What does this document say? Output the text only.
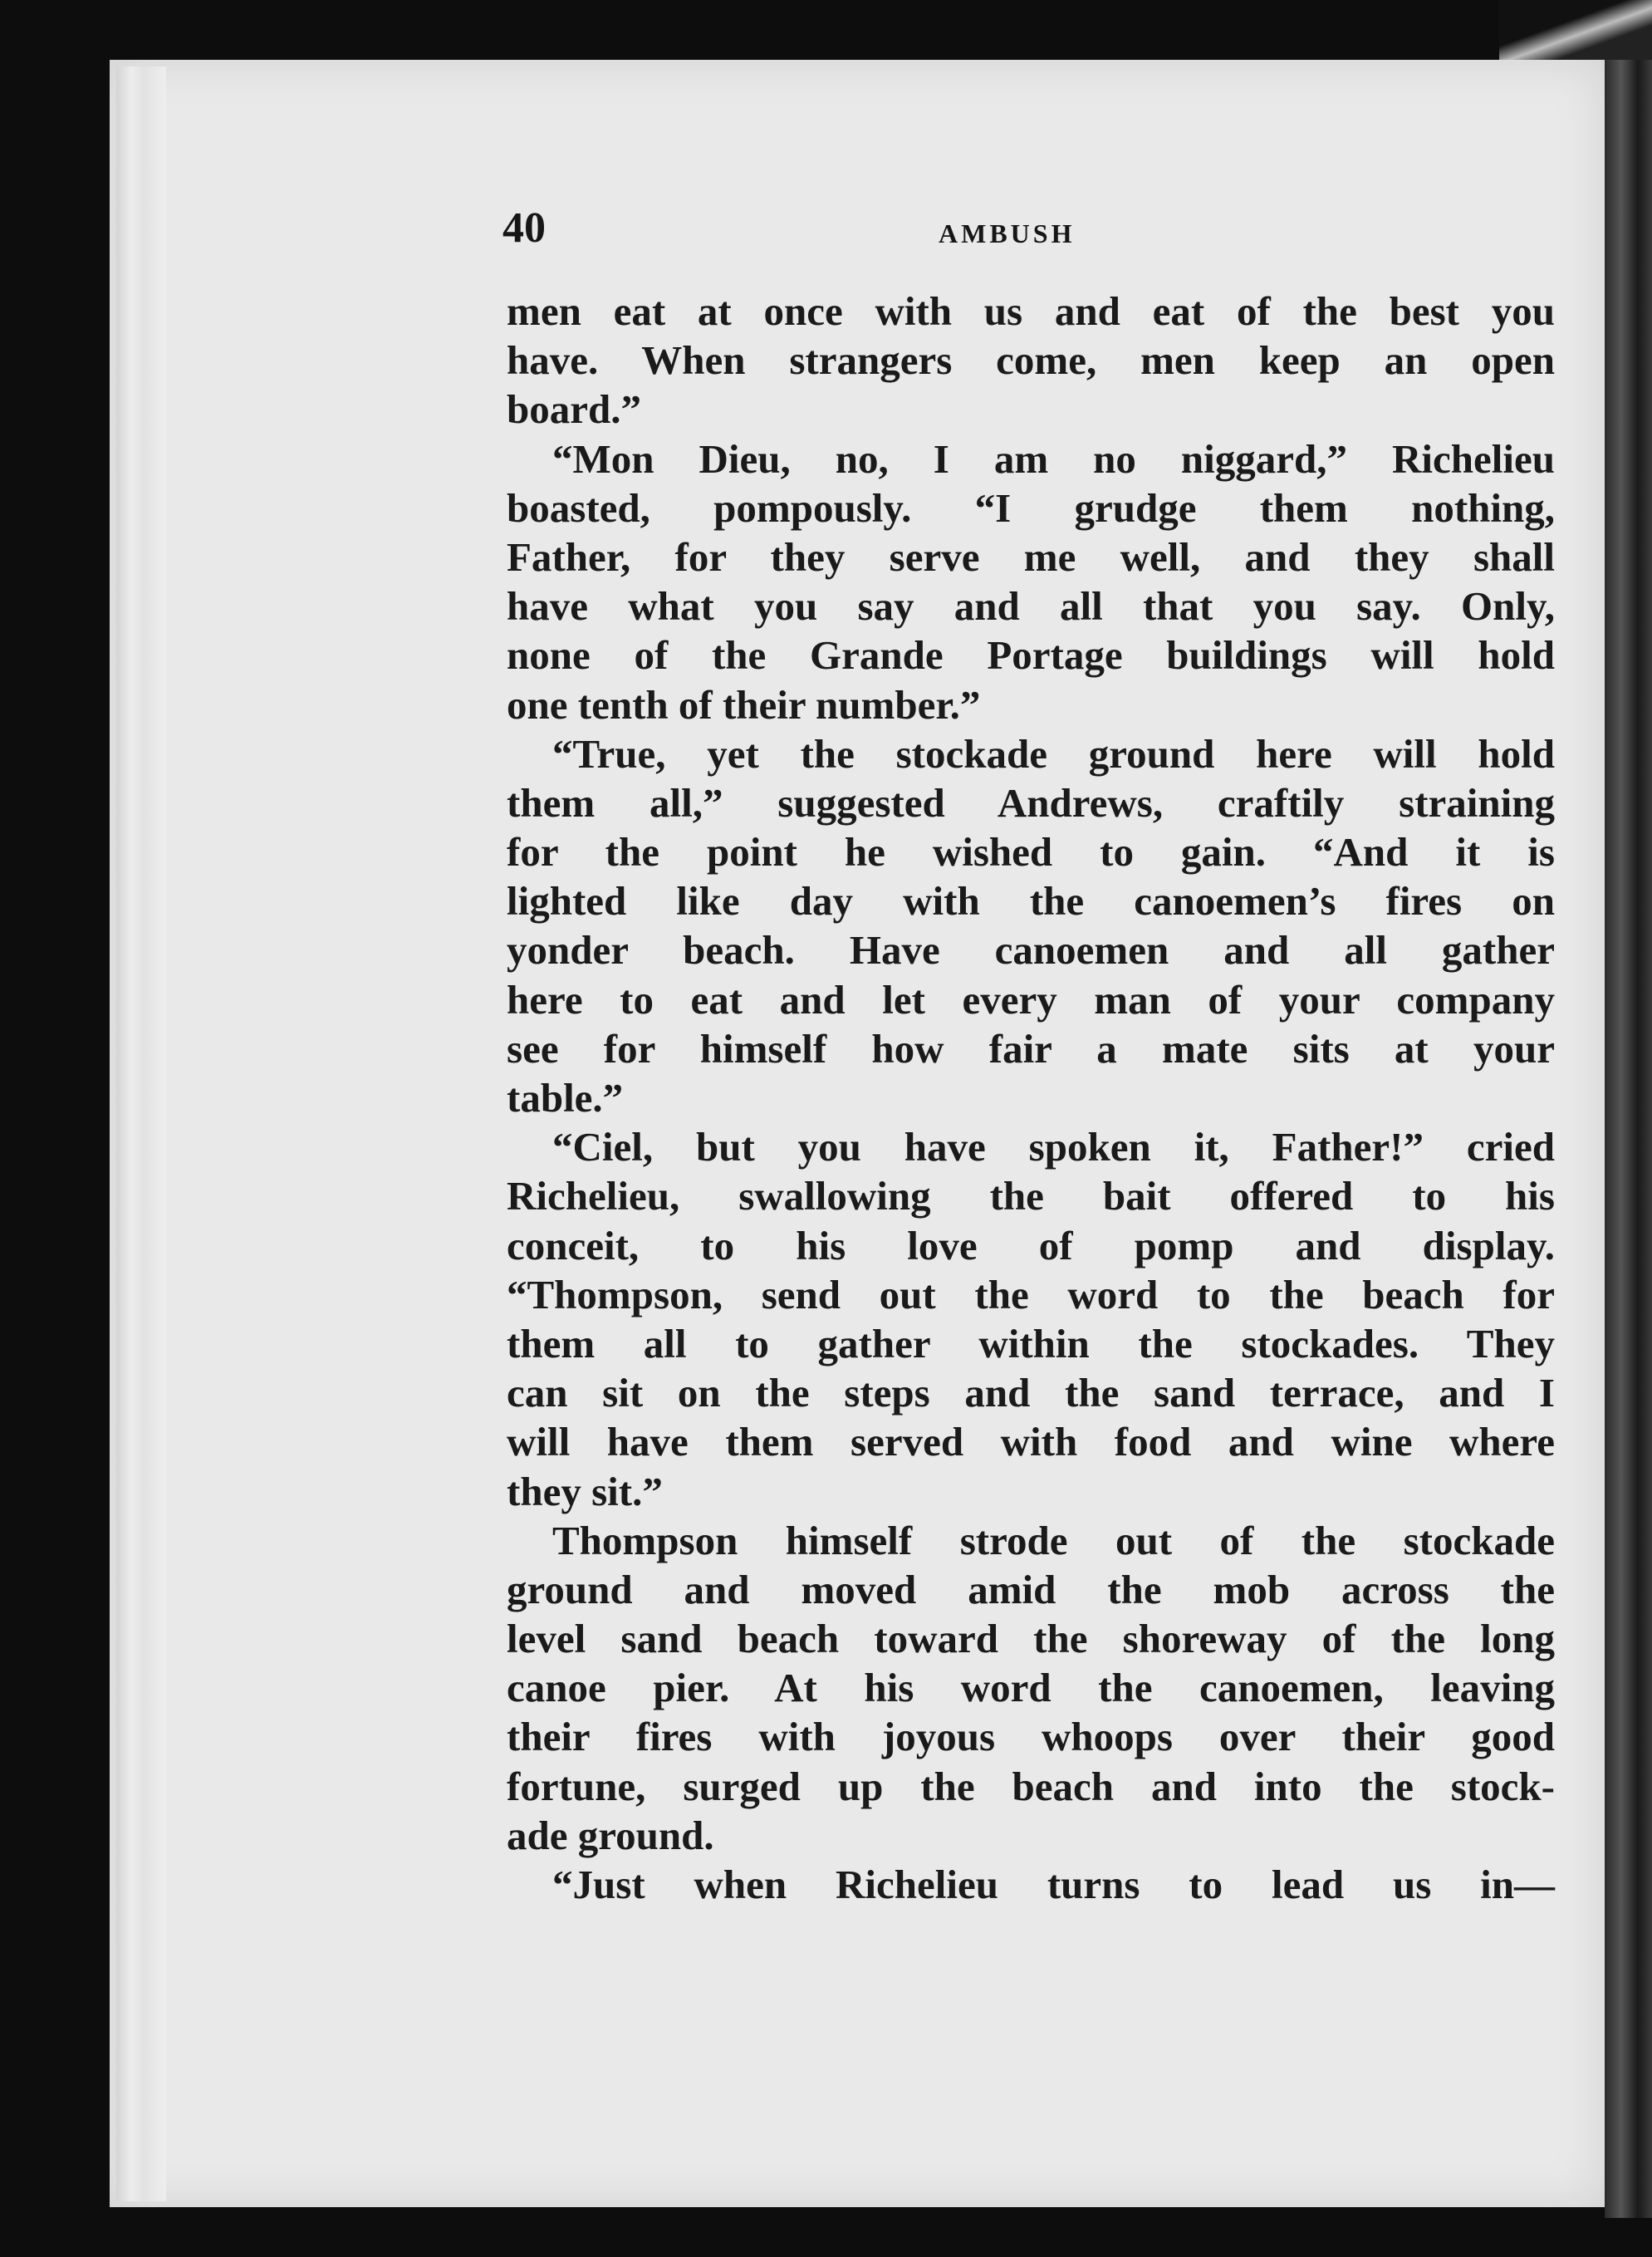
40	AMBUSH
men eat at once with us and eat of the best you
have. When strangers come, men keep an open
board.”
“Mon Dieu, no, I am no niggard,” Richelieu
boasted, pompously. “I grudge them nothing,
Father, for they serve me well, and they shall
have what you say and all that you say. Only,
none of the Grande Portage buildings will hold
one tenth of their number.”
“True, yet the stockade ground here will hold
them all,” suggested Andrews, craftily straining
for the point he wished to gain. “And it is
lighted like day with the canoemen’s fires on
yonder beach. Have canoemen and all gather
here to eat and let every man of your company
see for himself how fair a mate sits at your
table.”
“Ciel, but you have spoken it, Father!” cried
Richelieu, swallowing the bait offered to his
conceit, to his love of pomp and display.
“Thompson, send out the word to the beach for
them all to gather within the stockades. They
can sit on the steps and the sand terrace, and I
will have them served with food and wine where
they sit.”
Thompson himself strode out of the stockade
ground and moved amid the mob across the
level sand beach toward the shoreway of the long
canoe pier. At his word the canoemen, leaving
their fires with joyous whoops over their good
fortune, surged up the beach and into the stock-
ade ground.
“Just when Richelieu turns to lead us in—
